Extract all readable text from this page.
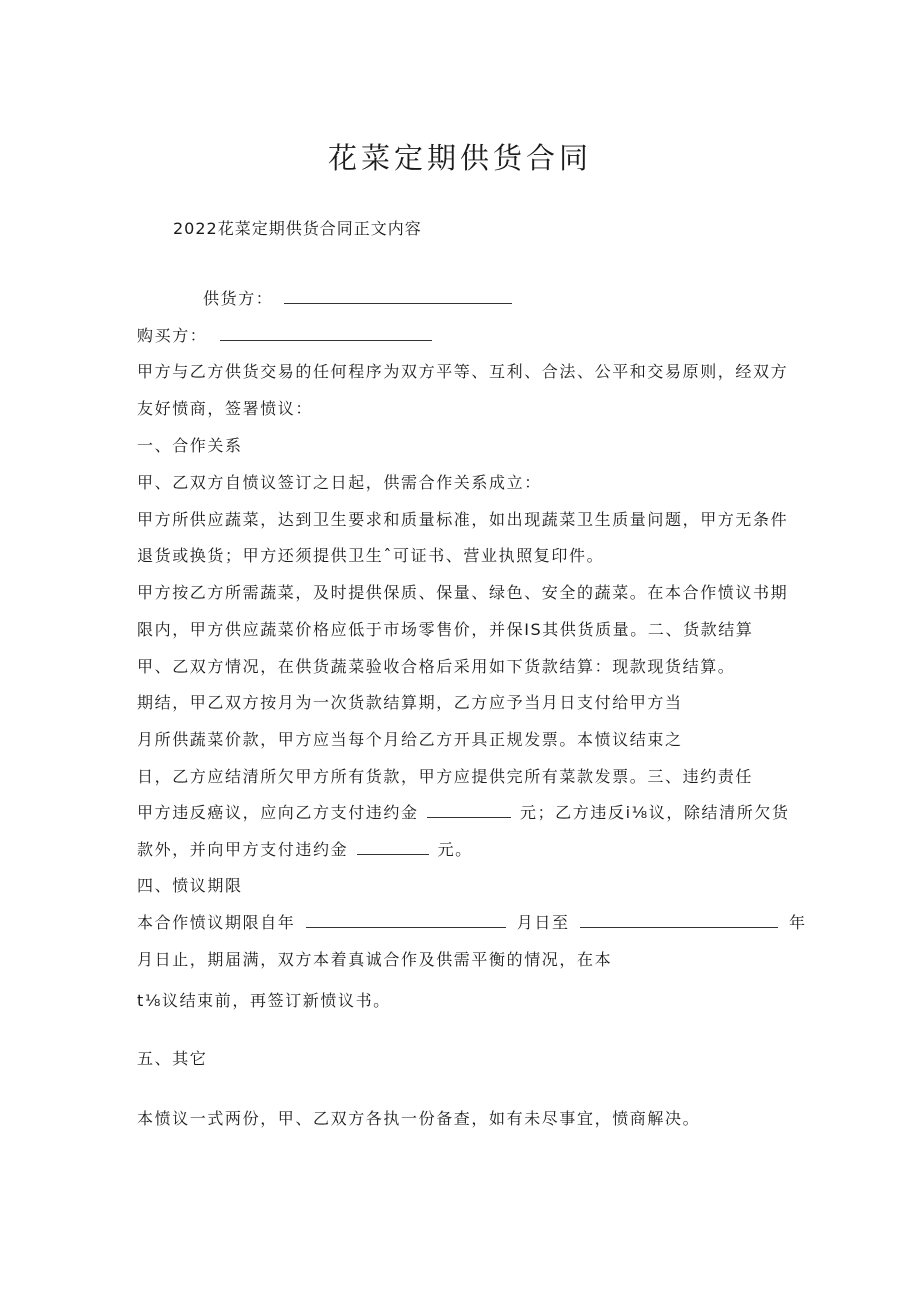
花菜定期供货合同
2022花菜定期供货合同正文内容
供货方：
购买方：
甲方与乙方供货交易的任何程序为双方平等、互利、合法、公平和交易原则，经双方
友好愤商，签署愤议：
一、合作关系
甲、乙双方自愤议签订之日起，供需合作关系成立：
甲方所供应蔬菜，达到卫生要求和质量标准，如出现蔬菜卫生质量问题，甲方无条件
退货或换货；甲方还须提供卫生ˆ可证书、营业执照复印件。
甲方按乙方所需蔬菜，及时提供保质、保量、绿色、安全的蔬菜。在本合作愤议书期
限内，甲方供应蔬菜价格应低于市场零售价，并保IS其供货质量。二、货款结算
甲、乙双方情况，在供货蔬菜验收合格后采用如下货款结算：现款现货结算。
期结，甲乙双方按月为一次货款结算期，乙方应予当月日支付给甲方当
月所供蔬菜价款，甲方应当每个月给乙方开具正规发票。本愤议结束之
日，乙方应结清所欠甲方所有货款，甲方应提供完所有菜款发票。三、违约责任
甲方违反癌议，应向乙方支付违约金	元；乙方违反i⅛议，除结清所欠货
款外，并向甲方支付违约金	元。
四、愤议期限
本合作愤议期限自年	月日至	年
月日止，期届满，双方本着真诚合作及供需平衡的情况，在本
t⅛议结束前，再签订新愤议书。
五、其它
本愤议一式两份，甲、乙双方各执一份备查，如有未尽事宜，愤商解决。
